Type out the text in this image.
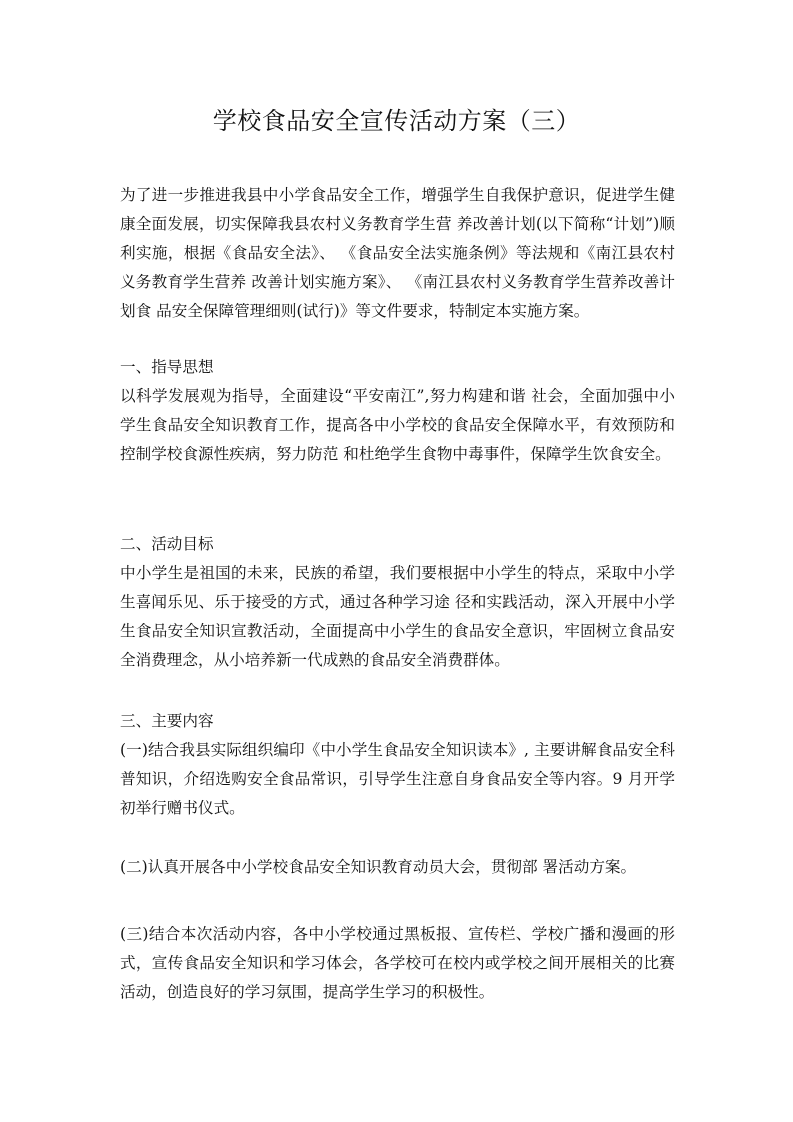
学校食品安全宣传活动方案（三）

为了进一步推进我县中小学食品安全工作，增强学生自我保护意识，促进学生健康全面发展，切实保障我县农村义务教育学生营 养改善计划(以下简称“计划”)顺利实施，根据《食品安全法》、 《食品安全法实施条例》等法规和《南江县农村义务教育学生营养 改善计划实施方案》、 《南江县农村义务教育学生营养改善计划食 品安全保障管理细则(试行)》等文件要求，特制定本实施方案。

一、指导思想

以科学发展观为指导，全面建设“平安南江”,努力构建和谐 社会，全面加强中小学生食品安全知识教育工作，提高各中小学校的食品安全保障水平，有效预防和控制学校食源性疾病，努力防范 和杜绝学生食物中毒事件，保障学生饮食安全。

二、活动目标

中小学生是祖国的未来，民族的希望，我们要根据中小学生的特点，采取中小学生喜闻乐见、乐于接受的方式，通过各种学习途 径和实践活动，深入开展中小学生食品安全知识宣教活动，全面提高中小学生的食品安全意识，牢固树立食品安全消费理念，从小培养新一代成熟的食品安全消费群体。

三、主要内容

(一)结合我县实际组织编印《中小学生食品安全知识读本》, 主要讲解食品安全科普知识，介绍选购安全食品常识，引导学生注意自身食品安全等内容。9 月开学初举行赠书仪式。

(二)认真开展各中小学校食品安全知识教育动员大会，贯彻部 署活动方案。

(三)结合本次活动内容，各中小学校通过黑板报、宣传栏、学校广播和漫画的形式，宣传食品安全知识和学习体会，各学校可在校内或学校之间开展相关的比赛活动，创造良好的学习氛围，提高学生学习的积极性。
